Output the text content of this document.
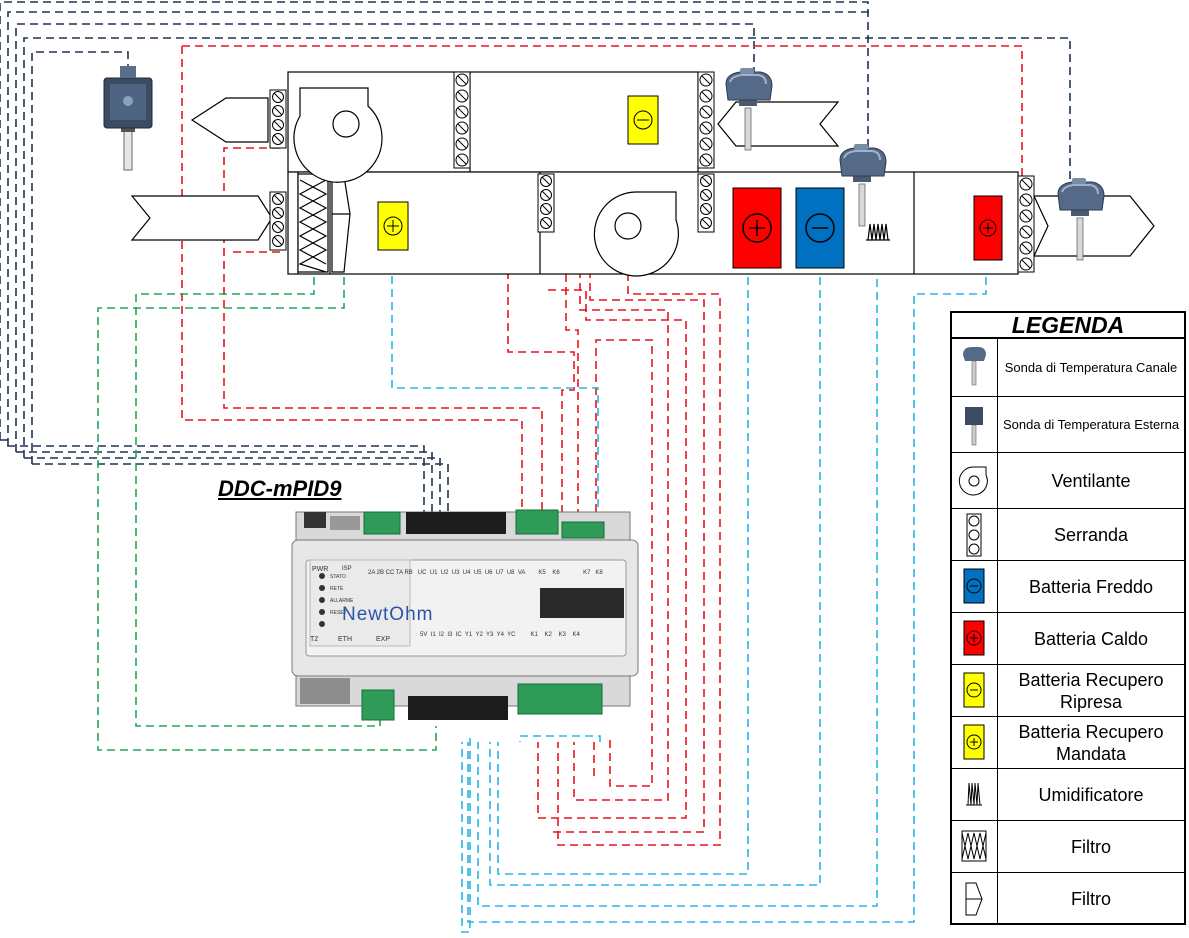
DDC-mPID9
NewtOhm
PWR
STATO
RETE
ALLARME
RESET
ISP
T2	ETH	EXP
2A 2B CC TA RB   UC  U1  U2  U3  U4  U5  U6  U7  U8  VA        K5    K6              K7   K8
5V  I1  I2  I3  IC  Y1  Y2  Y3  Y4  YC         K1    K2    K3    K4
LEGENDA
Sonda di Temperatura Canale
Sonda di Temperatura Esterna
Ventilante
Serranda
Batteria Freddo
Batteria Caldo
Batteria Recupero Ripresa
Batteria Recupero Mandata
Umidificatore
Filtro
Filtro
